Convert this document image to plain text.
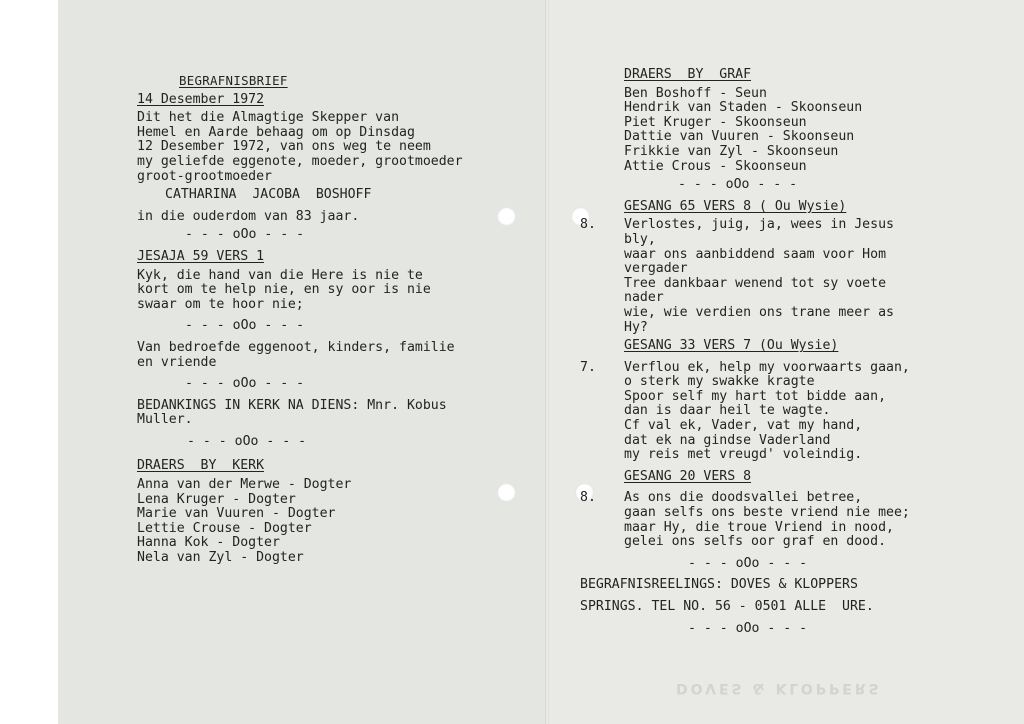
DOVES & KLOPPERS
BEGRAFNISBRIEF
14 Desember 1972
Dit het die Almagtige Skepper van
Hemel en Aarde behaag om op Dinsdag
12 Desember 1972, van ons weg te neem
my geliefde eggenote, moeder, grootmoeder
groot-grootmoeder
CATHARINA  JACOBA  BOSHOFF
in die ouderdom van 83 jaar.
- - - oOo - - -
JESAJA 59 VERS 1
Kyk, die hand van die Here is nie te
kort om te help nie, en sy oor is nie
swaar om te hoor nie;
- - - oOo - - -
Van bedroefde eggenoot, kinders, familie
en vriende
- - - oOo - - -
BEDANKINGS IN KERK NA DIENS: Mnr. Kobus
Muller.
- - - oOo - - -
DRAERS  BY  KERK
Anna van der Merwe - Dogter
Lena Kruger - Dogter
Marie van Vuuren - Dogter
Lettie Crouse - Dogter
Hanna Kok - Dogter
Nela van Zyl - Dogter
DRAERS  BY  GRAF
Ben Boshoff - Seun
Hendrik van Staden - Skoonseun
Piet Kruger - Skoonseun
Dattie van Vuuren - Skoonseun
Frikkie van Zyl - Skoonseun
Attie Crous - Skoonseun
- - - oOo - - -
GESANG 65 VERS 8 ( Ou Wysie)
8.	Verlostes, juig, ja, wees in Jesus
bly,
waar ons aanbiddend saam voor Hom
vergader
Tree dankbaar wenend tot sy voete
nader
wie, wie verdien ons trane meer as
Hy?
GESANG 33 VERS 7 (Ou Wysie)
7.	Verflou ek, help my voorwaarts gaan,
o sterk my swakke kragte
Spoor self my hart tot bidde aan,
dan is daar heil te wagte.
Cf val ek, Vader, vat my hand,
dat ek na gindse Vaderland
my reis met vreugd' voleindig.
GESANG 20 VERS 8
8.	As ons die doodsvallei betree,
gaan selfs ons beste vriend nie mee;
maar Hy, die troue Vriend in nood,
gelei ons selfs oor graf en dood.
- - - oOo - - -
BEGRAFNISREELINGS: DOVES & KLOPPERS
SPRINGS. TEL NO. 56 - 0501 ALLE  URE.
- - - oOo - - -
